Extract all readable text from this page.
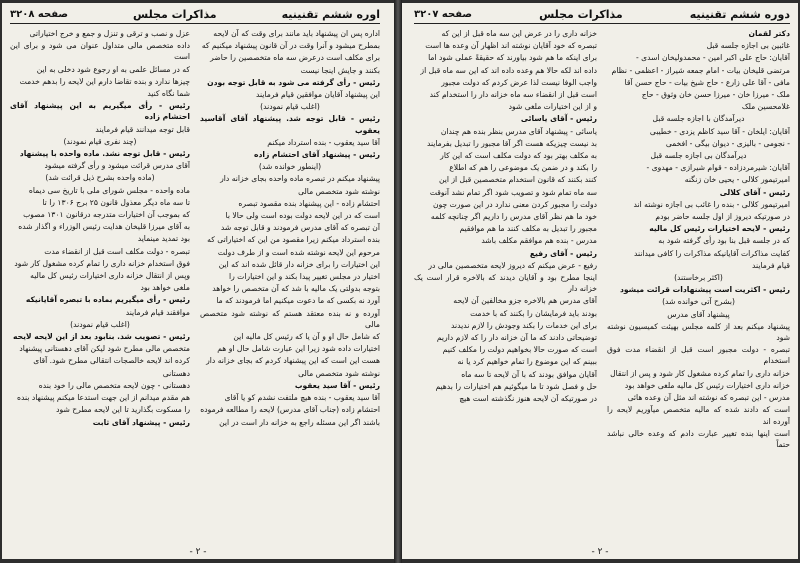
اوره ششم تقنینیه
مذاکرات مجلس
صفحه ۳۲۰۸

اداره پس ان پیشنهاد باید مانند برای وقت که آن لایحه

بمطرح میشود و آنرا وقت در آن قانون پیشنهاد میکنیم که

برای مکلف است درعرض سه ماه متخصصین را حاضر

بکنند و جایش اینجا نیست

رئیس - رأی گرفته می شود به قابل توجه بودن

این پیشنهاد آقایان موافقین قیام فرمایند

(اغلب قیام نمودند)

رئیس - قابل توجه شد. پیشنهاد آقای آقاسید یعقوب

آقا سید یعقوب - بنده استرداد میکنم

رئیس - پیشنهاد آقای احتشام زاده

(اینطور خوانده شد)

پیشنهاد میکنم در تبصره ماده واحده بجای خزانه دار

نوشته شود متخصص مالی

احتشام زاده - این پیشنهاد بنده مقصود تبصره

است که در این لایحه دولت بوده است ولی حالا با

آن تبصره که آقای مدرس فرمودند و قابل توجه شد

بنده استرداد میکنم زیرا مقصود من این که اختیاراتی که

مرحوم این لایحه نوشته شده است و از طرف دولت

این اختیارات را برای خزانه دار قائل شده اند که این

اختیار در مجلس تغییر پیدا بکند و این اختیارات را

بتوجه بدولتی یک مالیه با شد که آن متخصص را خواهد

آورد نه بکسی که ما دعوت میکنیم اما فرمودند که ما

آورده و نه بنده معتقد هستم که نوشته شود متخصص مالی

که شامل حال او و آن یا که رئیس کل مالیه این

اختیارات داده شود زیرا این عبارت شامل حال او هم

هست این است که این پیشنهاد کردم که بجای خزانه دار

نوشته شود متخصص مالی

رئیس - آقا سید یعقوب

آقا سید یعقوب - بنده هیچ ملتفت نشدم کو یا آقای

احتشام زاده (جناب آقای مدرس) لایحه را مطالعه فرموده

باشند اگر این مسئله راجع به خزانه دار است در این

عزل و نصب و ترقی و تنزل و جمع و خرج اختیاراتی

داده متخصص مالی متداول عنوان می شود و برای این است

که در مسائل علمی به او رجوع شود دخلی به این

چیزها ندارد و بنده تقاضا دارم این لایحه را بدهم خدمت

شما نگاه کنید

رئیس - رأی میگیریم به این پیشنهاد آقای احتشام زاده

قابل توجه میدانند قیام فرمایند

(چند نفری قیام نمودند)

رئیس - قابل توجه نشد. ماده واحده با پیشنهاد

آقای مدرس قرائت میشود و رأی گرفته میشود

(ماده واحده بشرح ذیل قرائت شد)

ماده واحده - مجلس شورای ملی با تاریخ سی دیماه

تا سه ماه دیگر معذول قانون ۲۵ برج ۱۳۰۶ را تا

که بموجب آن اختیارات متدرجه درقانون ۱۳۰۱ مصوب

به آقای میرزا قلیخان هدایت رئیس الوزراء و اگذار شده

بود تمدید مینماید

تبصره - دولت مکلف است قبل از انقضاء مدت

فوق استخدام خزانه داری را تمام کرده مشغول کار شود

وپس از انتقال خزانه داری اختیارات رئیس کل مالیه

ملغی خواهد بود

رئیس - رأی میگیریم بماده با تبصره آقایانیکه

موافقند قیام فرمایند

(اغلب قیام نمودند)

رئیس - تصویب شد. بنابود بعد از این لایحه لایحه

متخصص مالی مطرح شود لیکن آقای دهستانی پیشنهاد

کرده اند لایحه خالصجات انتقالی مطرح شود. آقای

دهستانی

دهستانی - چون لایحه متخصص مالی را خود بنده

هم مقدم میدانم از این جهت استدعا میکنم پیشنهاد بنده

را مسکوت بگذارید تا این لایحه مطرح شود

رئیس - پیشنهاد آقای ثابت

- ۲ -
دوره ششم تقنینیه
مذاکرات مجلس
صفحه ۳۲۰۷

دکتر لقمان

غائبین بی اجازه جلسه قبل

آقایان: حاج علی اکبر امین - محمدولیخان اسدی -

مرتضی قلیخان بیات - امام جمعه شیراز - اعظمی - نظام

مافی - آقا علی زارع - حاج شیخ بیات - حاج حسن آقا

ملک - میرزا خان - میرزا حسن خان وثوق - حاج

غلامحسین ملک

دیرآمدگان با اجازه جلسه قبل

آقایان: ایلخان - آقا سید کاظم یزدی - خطیبی

- نجومی - بالیزی - دیوان بیگی - افخمی

دیرآمدگان بی اجازه جلسه قبل

آقایان: شیرمردزاده - قوام شیرازی - مهدوی -

امیرتیمور کلالی - یحیی خان زنگنه

رئیس - آقای کلالی

امیرتیمور کلالی - بنده را غائب بی اجازه نوشته اند

در صورتیکه دیروز از اول جلسه حاضر بودم

رئیس - لایحه اختیارات رئیس کل مالیه

که در جلسه قبل بنا بود رأی گرفته شود به

کفایت مذاکرات آقایانیکه مذاکرات را کافی میدانند

قیام فرمایند

(اکثر برخاستند)

رئیس - اکثریت است پیشنهادات قرائت میشود

(بشرح آتی خوانده شد)

پیشنهاد آقای مدرس

پیشنهاد میکنم بعد از کلمه مجلس بهیئت کمیسیون نوشته شود

تبصره - دولت مجبور است قبل از انقضاء مدت فوق استخدام

خزانه داری را تمام کرده مشغول کار شود و پس از انتقال

خزانه داری اختیارات رئیس کل مالیه ملغی خواهد بود

مدرس - این تبصره که نوشته اند مثل آن وعده هائی

است که دادند شده که مالیه متخصص میآوریم لایحه را آورده اند

است اینها بنده تغییر عبارت دادم که وعده خالی نباشد حتماً

خزانه داری را در عرض این سه ماه قبل از این که

تبصره که خود آقایان نوشته اند اظهار آن وعده ها است

برای اینکه ما هم شود بیاورند که حقیقةً عملی شود اما

داده اند لکه حالا هم وعده داده اند که این سه ماه قبل از

واجب الوفا نیست لذا عرض کردم که دولت مجبور

است قبل از انقضاء سه ماه خزانه دار را استخدام کند

و از این اختیارات ملغی شود

رئیس - آقای یاسائی

یاسائی - پیشنهاد آقای مدرس بنظر بنده هم چندان

بد نیست چیزیکه هست اگر آقا مجبور را تبدیل بفرمایند

به مکلف بهتر بود که دولت مکلف است که این کار

را بکند و در ضمن یک موضوعی را هم که اطلاع

کنند بکنند که قانون استخدام متخصصین قبل از این

سه ماه تمام شود و تصویب شود اگر تمام نشد آنوقت

دولت را مجبور کردن معنی ندارد در این صورت چون

خود ما هم نظر آقای مدرس را داریم اگر چنانچه کلمه

مجبور را تبدیل به مکلف کنند ما هم موافقیم

مدرس - بنده هم موافقم مکلف باشد

رئیس - آقای رفیع

رفیع - عرض میکنم که دیروز لایحه متخصصین مالی در

اینجا مطرح بود و آقایان دیدند که بالاخره قرار است یک خزانه دار

آقای مدرس هم بالاخره جزو مخالفین آن لایحه

بودند باید فرمایشان را بکنند که با خدمت

برای این خدمات را بکند وجودش را لازم ندیدند

توضیحاتی دادند که ما آن خزانه دار را که لازم داریم

است که صورت حالا بخواهیم دولت را مکلف کنیم

ببینم که این موضوع را تمام خواهیم کرد یا نه

آقایان موافق بودند که با آن لایحه تا سه ماه

حل و فصل شود تا ما میگوئیم هم اختیارات را بدهیم

در صورتیکه آن لایحه هنوز نگذشته است هیچ

- ۲ -
